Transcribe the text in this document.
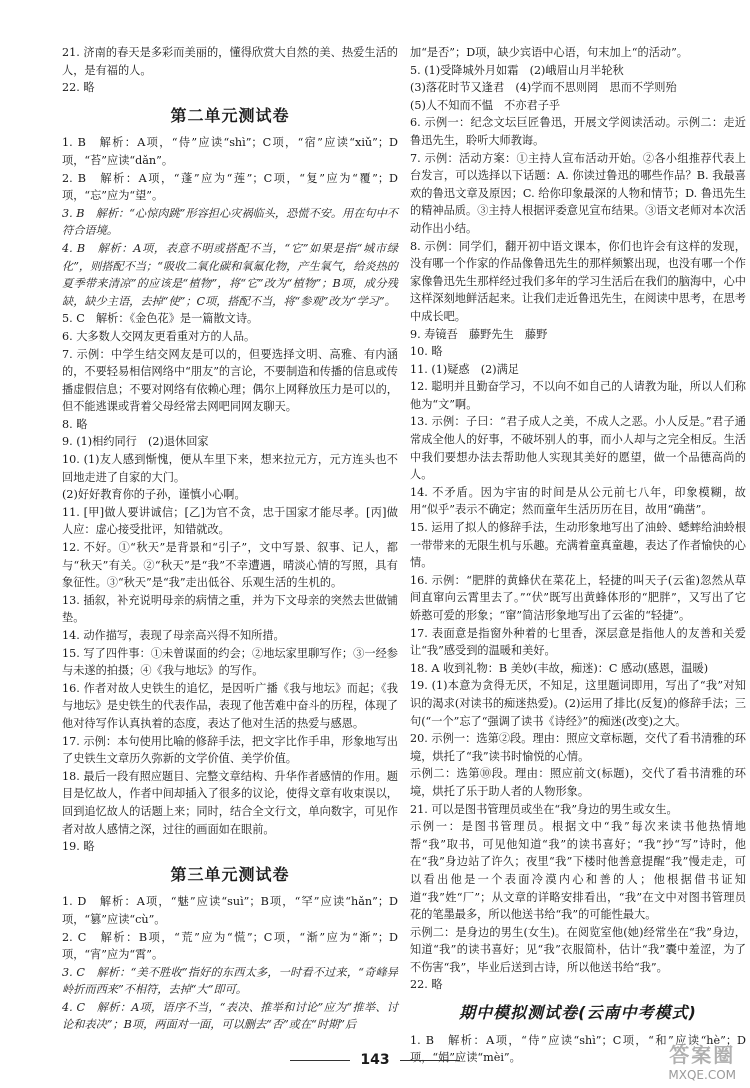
21. 济南的春天是多彩而美丽的，懂得欣赏大自然的美、热爱生活的人，是有福的人。

22. 略

第二单元测试卷

1. B　解析：A项，“侍”应读“shì”；C项，“宿”应读“xiǔ”；D项，“苔”应读“dǎn”。

2. B　解析：A项，“蓬”应为“莲”；C项，“复”应为“覆”；D项，“忘”应为“望”。

3. B　解析：“心惊肉跳”形容担心灾祸临头，恐慌不安。用在句中不符合语境。

4. B　解析：A项，表意不明或搭配不当，“它”如果是指“城市绿化”，则搭配不当；“吸收二氧化碳和氧氟化物，产生氧气，给炎热的夏季带来清凉”的应该是“植物”，将“它”改为“植物”；B项，成分残缺，缺少主语，去掉“使”；C项，搭配不当，将“参观”改为“学习”。

5. C　解析：《金色花》是一篇散文诗。

6. 大多数人交网友更看重对方的人品。

7. 示例：中学生结交网友是可以的，但要选择文明、高雅、有内涵的，不要轻易相信网络中“朋友”的言论，不要制造和传播的信息或传播虚假信息；不要对网络有依赖心理；偶尔上网释放压力是可以的，但不能逃课或背着父母经常去网吧同网友聊天。

8. 略

9. (1)相约同行　(2)退休回家

10. (1)友人感到惭愧，便从车里下来，想来拉元方，元方连头也不回地走进了自家的大门。

(2)好好教育你的子孙，谨慎小心啊。

11. [甲]做人要讲诚信；[乙]为官不贪，忠于国家才能尽孝。[丙]做人应：虚心接受批评，知错就改。

12. 不好。①“秋天”是背景和“引子”，文中写景、叙事、记人，都与“秋天”有关。②“秋天”是“我”不幸遭遇，晴淡心情的写照，具有象征性。③“秋天”是“我”走出低谷、乐观生活的生机的。

13. 插叙，补充说明母亲的病情之重，并为下文母亲的突然去世做铺垫。

14. 动作描写，表现了母亲高兴得不知所措。

15. 写了四件事：①未曾谋面的约会；②地坛家里聊写作；③一经参与未遂的拍摄；④《我与地坛》的写作。

16. 作者对故人史铁生的追忆，是因听广播《我与地坛》而起；《我与地坛》是史铁生的代表作品，表现了他苦难中奋斗的历程，体现了他对待写作认真执着的态度，表达了他对生活的热爱与感恩。

17. 示例：本句使用比喻的修辞手法，把文字比作手串，形象地写出了史铁生文章历久弥新的文学价值、美学价值。

18. 最后一段有照应题目、完整文章结构、升华作者感情的作用。题目是忆故人，作者中间却插入了很多的议论，使得文章有收束误以，回到追忆故人的话题上来；同时，结合全文行文，单向数字，可见作者对故人感情之深，过往的画面如在眼前。

19. 略

第三单元测试卷

1. D　解析：A项，“魅”应读“suì”；B项，“罕”应读“hǎn”；D项，“篡”应读“cù”。

2. C　解析：B项，“荒”应为“慌”；C项，“渐”应为“渐”；D项，“宵”应为“霄”。

3. C　解析：“美不胜收”指好的东西太多，一时看不过来，“奇峰异岭折而西来”不相符，去掉“大”即可。

4. C　解析：A项，语序不当，“表决、推举和讨论”应为“推举、讨论和表决”；B项，两面对一面，可以删去“否”或在“时期”后

加“是否”；D项，缺少宾语中心语，句末加上“的活动”。

5. (1)受降城外月如霜　(2)峨眉山月半轮秋

(3)落花时节又逢君　(4)学而不思则罔　思而不学则殆

(5)人不知而不愠　不亦君子乎

6. 示例一：纪念文坛巨匠鲁迅，开展文学阅读活动。示例二：走近鲁迅先生，聆听大师教诲。

7. 示例：活动方案：①主持人宣布活动开始。②各小组推荐代表上台发言，可以选择以下话题：A. 你读过鲁迅的哪些作品？B. 我最喜欢的鲁迅文章及原因；C. 给你印象最深的人物和情节；D. 鲁迅先生的精神品质。③主持人根据评委意见宣布结果。③语文老师对本次活动作出小结。

8. 示例：同学们，翻开初中语文课本，你们也许会有这样的发现，没有哪一个作家的作品像鲁迅先生的那样频繁出现，也没有哪一个作家像鲁迅先生那样经过我们多年的学习生活后在我们的脑海中，心中这样深刻地鲜活起来。让我们走近鲁迅先生，在阅读中思考，在思考中成长吧。

9. 寿镜吾　藤野先生　藤野

10. 略

11. (1)疑惑　(2)满足

12. 聪明并且勤奋学习，不以向不如自己的人请教为耻，所以人们称他为“文”啊。

13. 示例：子曰：“君子成人之美，不成人之恶。小人反是。”君子通常成全他人的好事，不破坏别人的事，而小人却与之完全相反。生活中我们要想办法去帮助他人实现其美好的愿望，做一个品德高尚的人。

14. 不矛盾。因为宇宙的时间是从公元前七八年，印象模糊，故用“似乎”表示不确定；然而童年生活历历在目，故用“确凿”。

15. 运用了拟人的修辞手法，生动形象地写出了油蛉、蟋蟀给油蛉根一带带来的无限生机与乐趣。充满着童真童趣，表达了作者愉快的心情。

16. 示例：“肥胖的黄蜂伏在菜花上，轻捷的叫天子(云雀)忽然从草间直窜向云霄里去了。”“伏”既写出黄蜂体形的“肥胖”，又写出了它娇憨可爱的形象；“窜”简洁形象地写出了云雀的“轻捷”。

17. 表面意是指窗外种着的七里香，深层意是指他人的友善和关爱让“我”感受到的温暖和美好。

18. A 收到礼物：B 美妙(丰故，痴迷)：C 感动(感恩，温暖)

19. (1)本意为贪得无厌，不知足，这里题词即用，写出了“我”对知识的渴求(对读书的痴迷热爱)。(2)运用了排比(反复)的修辞手法；三句(“一个”忘了“强调了读书《诗经》”的痴迷(改变)之大。

20. 示例一：选第②段。理由：照应文章标题，交代了看书清雅的环境，烘托了“我”读书时愉悦的心情。

示例二：选第⑩段。理由：照应前文(标题)，交代了看书清雅的环境，烘托了乐于助人者的人物形象。

21. 可以是图书管理员或坐在“我”身边的男生或女生。

示例一：是图书管理员。根据文中“我”每次来读书他热情地帮“我”取书，可见他知道“我”的读书喜好；“我”抄“写”诗时，他在“我”身边站了许久；夜里“我”下楼时他善意提醒“我”慢走走，可以看出他是一个表面冷漠内心和善的人；他根据借书证知道“我”姓“厂”；从文章的详略安排看出，“我”在文中对图书管理员花的笔墨最多，所以他送书给“我”的可能性最大。

示例二：是身边的男生(女生)。在阅览室他(她)经常坐在“我”身边，知道“我”的读书喜好；见“我”衣服简朴，估计“我”囊中羞涩，为了不伤害“我”，毕业后送到古诗，所以他送书给“我”。

22. 略

期中模拟测试卷(云南中考模式)

1. B　解析：A项，“侍”应读“shì”；C项，“和”应读“hè”；D项，“娟”应读“mèi”。

143	答案圈
MXQE.COM
